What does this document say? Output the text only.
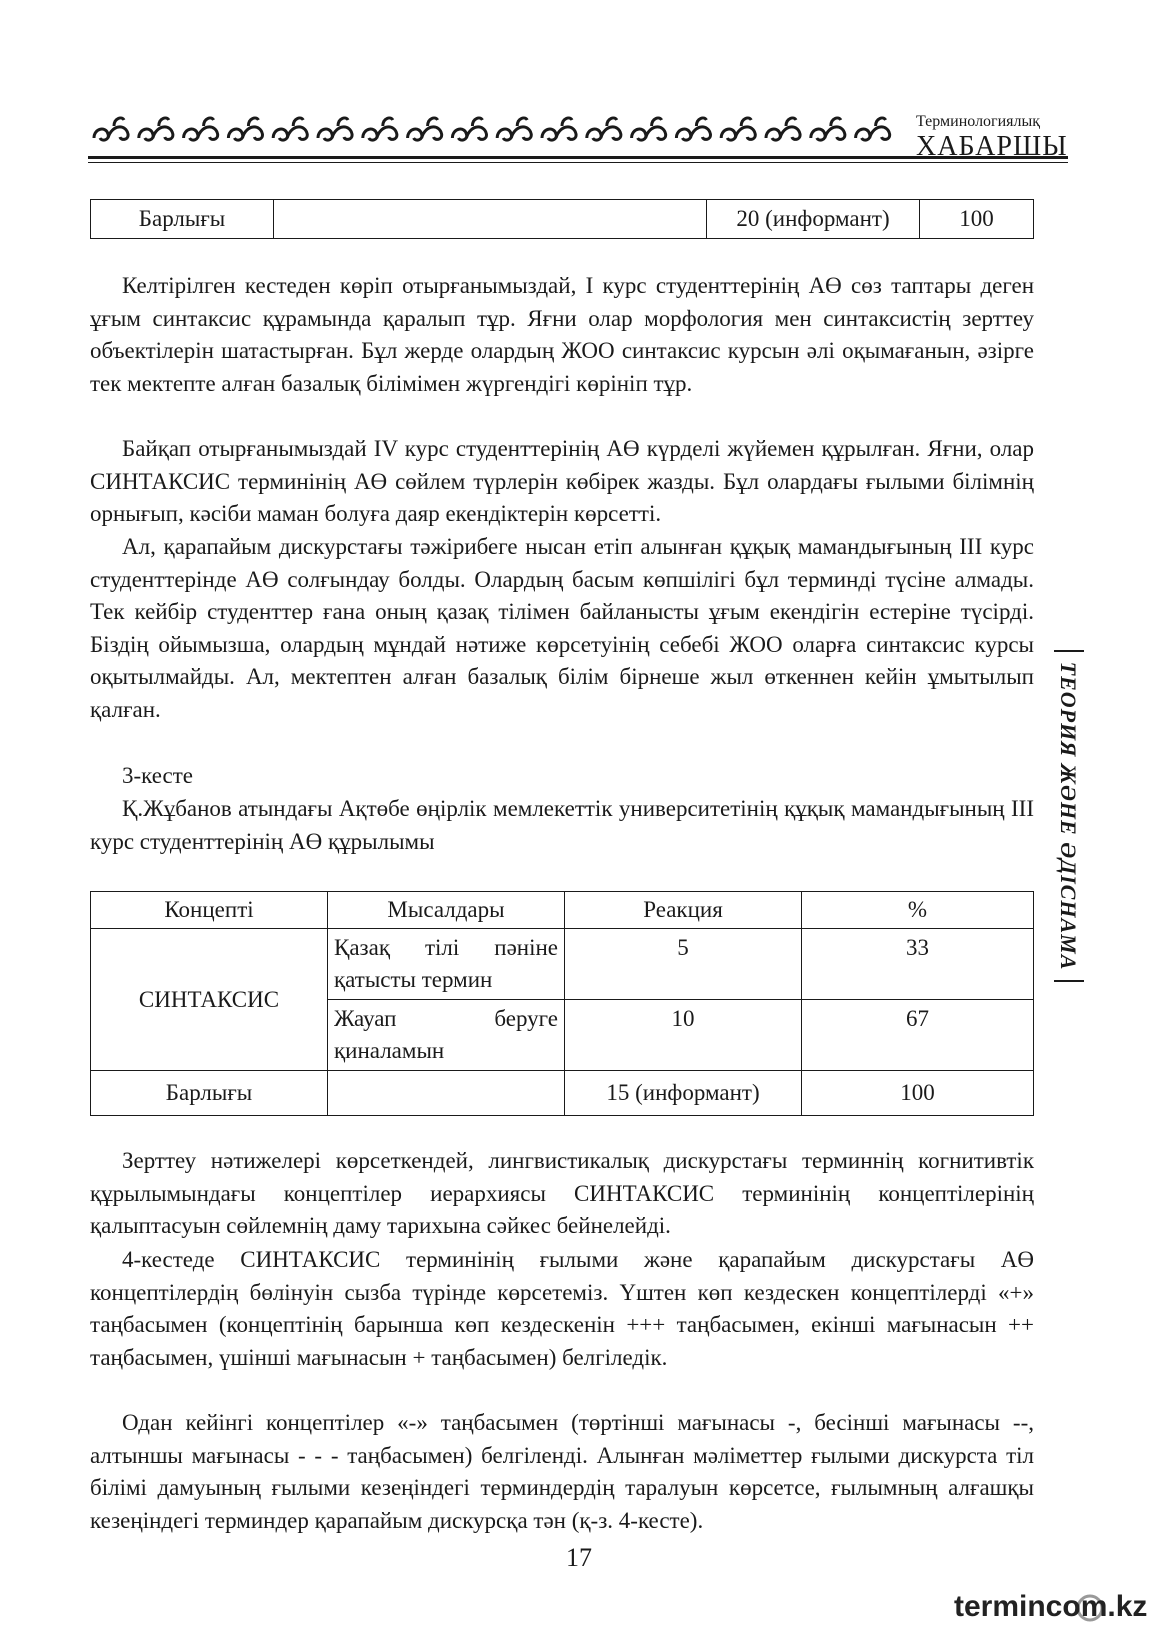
Терминологиялық
ХАБАРШЫ
Барлығы		20 (информант)	100

Келтірілген кестеден көріп отырғанымыздай, I курс студенттерінің АӨ сөз таптары деген ұғым синтаксис құрамында қаралып тұр. Яғни олар морфология мен синтаксистің зерттеу объектілерін шатастырған. Бұл жерде олардың ЖОО синтаксис курсын әлі оқымағанын, әзірге тек мектепте алған базалық білімімен жүргендігі көрініп тұр.

Байқап отырғанымыздай IV курс студенттерінің АӨ күрделі жүйемен құрылған. Яғни, олар СИНТАКСИС терминінің АӨ сөйлем түрлерін көбірек жазды. Бұл олардағы ғылыми білімнің орнығып, кәсіби маман болуға даяр екендіктерін көрсетті.

Ал, қарапайым дискурстағы тәжірибеге нысан етіп алынған құқық мамандығының III курс студенттерінде АӨ солғындау болды. Олардың басым көпшілігі бұл терминді түсіне алмады. Тек кейбір студенттер ғана оның қазақ тілімен байланысты ұғым екендігін естеріне түсірді. Біздің ойымызша, олардың мұндай нәтиже көрсетуінің себебі ЖОО оларға синтаксис курсы оқытылмайды. Ал, мектептен алған базалық білім бірнеше жыл өткеннен кейін ұмытылып қалған.

3-кесте

Қ.Жұбанов атындағы Ақтөбе өңірлік мемлекеттік университетінің құқық мамандығының III курс студенттерінің АӨ құрылымы

Концепті	Мысалдары	Реакция	%
СИНТАКСИС	Қазақ тілі пәніне қатысты термин	5	33
	Жауап беруге қиналамын	10	67
Барлығы		15 (информант)	100

Зерттеу нәтижелері көрсеткендей, лингвистикалық дискурстағы терминнің когнитивтік құрылымындағы концептілер иерархиясы СИНТАКСИС терминінің концептілерінің қалыптасуын сөйлемнің даму тарихына сәйкес бейнелейді.

4-кестеде СИНТАКСИС терминінің ғылыми және қарапайым дискурстағы АӨ концептілердің бөлінуін сызба түрінде көрсетеміз. Үштен көп кездескен концептілерді «+» таңбасымен (концептінің барынша көп кездескенін +++ таңбасымен, екінші мағынасын ++ таңбасымен, үшінші мағынасын + таңбасымен) белгіледік.

Одан кейінгі концептілер «-» таңбасымен (төртінші мағынасы -, бесінші мағынасы --, алтыншы мағынасы - - - таңбасымен) белгіленді. Алынған мәліметтер ғылыми дискурста тіл білімі дамуының ғылыми кезеңіндегі терминдердің таралуын көрсетсе, ғылымның алғашқы кезеңіндегі терминдер қарапайым дискурсқа тән (қ-з. 4-кесте).

ТЕОРИЯ ЖӘНЕ ӘДІСНАМА
17
termincom.kz
